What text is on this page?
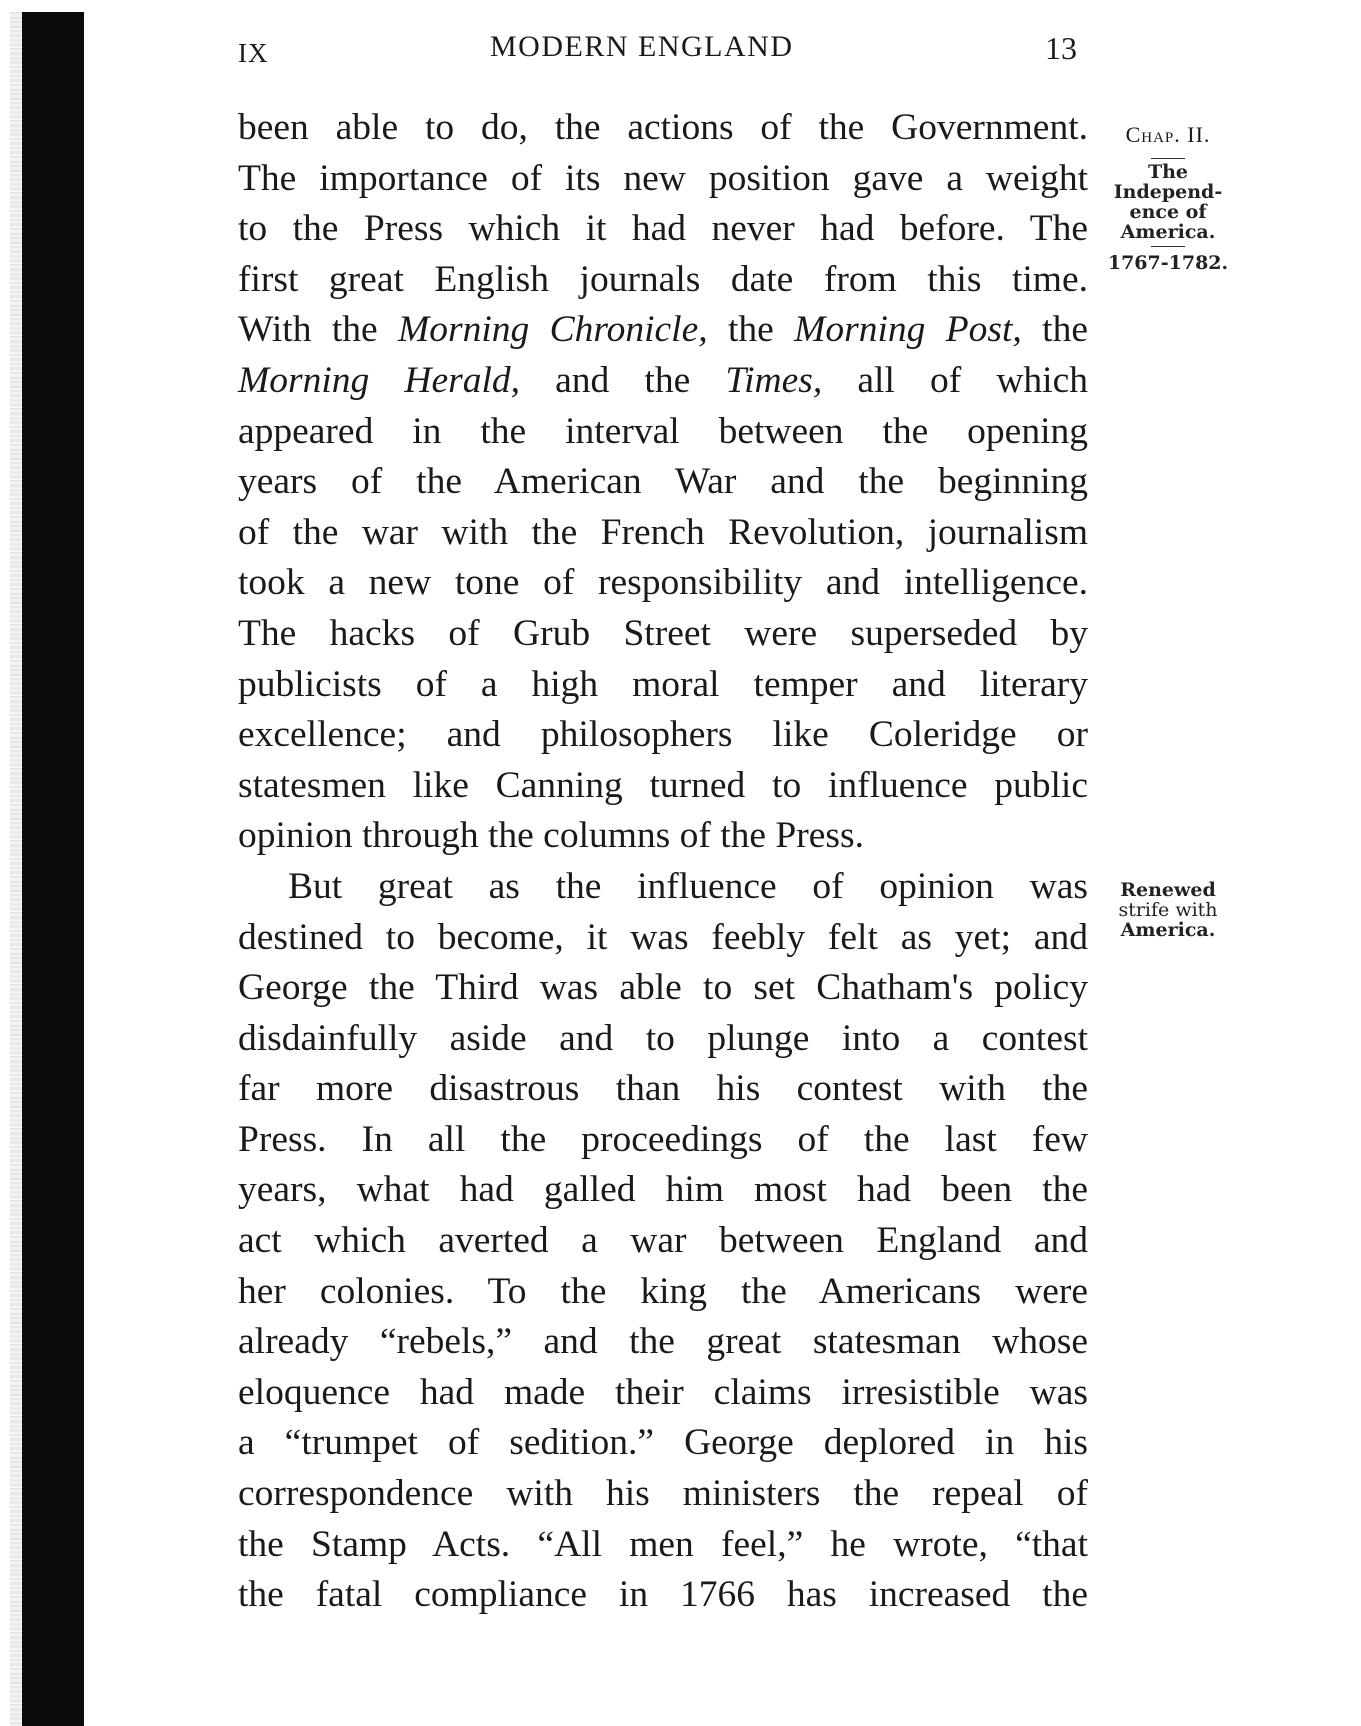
IX	MODERN ENGLAND	13
Chap. II.
The
Independ-
ence of
America.
1767-1782.
Renewed
strife with
America.
been able to do, the actions of the Government.
The importance of its new position gave a weight
to the Press which it had never had before. The
first great English journals date from this time.
With the Morning Chronicle, the Morning Post, the
Morning Herald, and the Times, all of which
appeared in the interval between the opening
years of the American War and the beginning
of the war with the French Revolution, journalism
took a new tone of responsibility and intelligence.
The hacks of Grub Street were superseded by
publicists of a high moral temper and literary
excellence; and philosophers like Coleridge or
statesmen like Canning turned to influence public
opinion through the columns of the Press.
But great as the influence of opinion was
destined to become, it was feebly felt as yet; and
George the Third was able to set Chatham's policy
disdainfully aside and to plunge into a contest
far more disastrous than his contest with the
Press. In all the proceedings of the last few
years, what had galled him most had been the
act which averted a war between England and
her colonies. To the king the Americans were
already “rebels,” and the great statesman whose
eloquence had made their claims irresistible was
a “trumpet of sedition.” George deplored in his
correspondence with his ministers the repeal of
the Stamp Acts. “All men feel,” he wrote, “that
the fatal compliance in 1766 has increased the
